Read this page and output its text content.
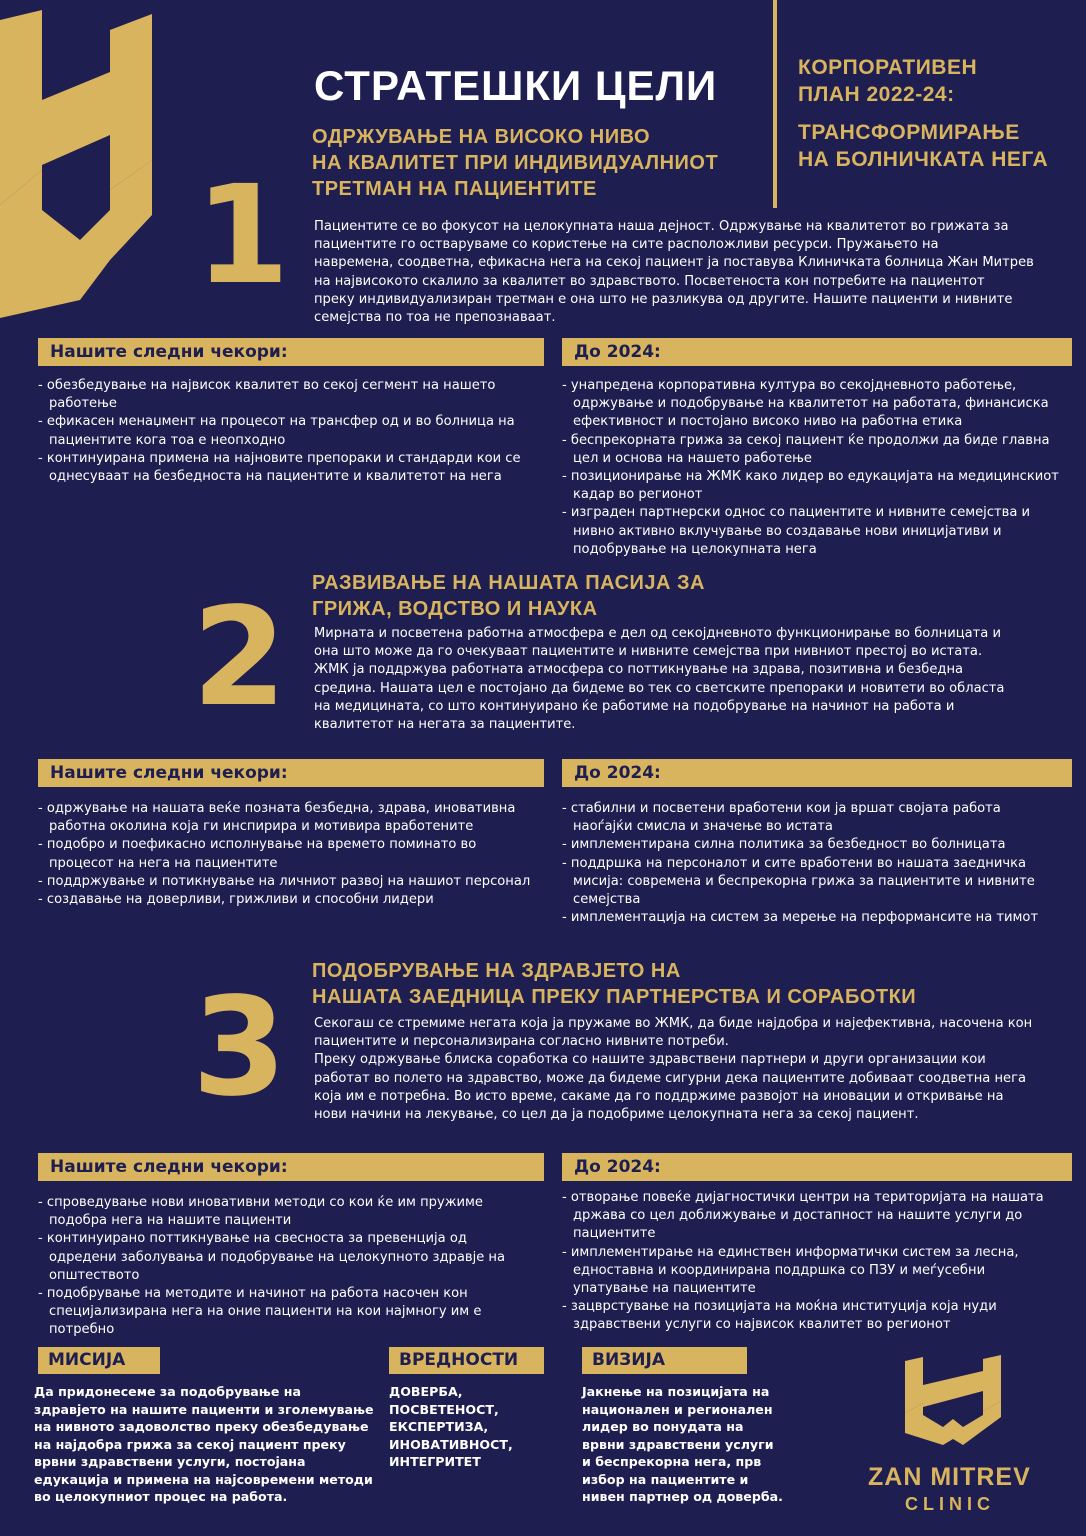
СТРАТЕШКИ ЦЕЛИ	КОРПОРАТИВЕН
ПЛАН 2022-24:
ТРАНСФОРМИРАЊЕ
НА БОЛНИЧКАТА НЕГА
ОДРЖУВАЊЕ НА ВИСОКО НИВО
НА КВАЛИТЕТ ПРИ ИНДИВИДУАЛНИОТ
ТРЕТМАН НА ПАЦИЕНТИТЕ
1 Пациентите се во фокусот на целокупната наша дејност. Одржување на квалитетот во грижата за
пациентите го остваруваме со користење на сите расположливи ресурси. Пружањето на
навремена, соодветна, ефикасна нега на секој пациент ја поставува Клиничката болница Жан Митрев
на највисокото скалило за квалитет во здравството. Посветеноста кон потребите на пациентот
преку индивидуализиран третман е она што не разликува од другите. Нашите пациенти и нивните
семејства по тоа не препознаваат.
Нашите следни чекори:	До 2024:
- обезбедување на највисок квалитет во секој сегмент на нашето
работење
- ефикасен менаџмент на процесот на трансфер од и во болница на
пациентите кога тоа е неопходно
- континуирана примена на најновите препораки и стандарди кои се
однесуваат на безбедноста на пациентите и квалитетот на нега
- унапредена корпоративна култура во секојдневното работење,
одржување и подобрување на квалитетот на работата, финансиска
ефективност и постојано високо ниво на работна етика
- беспрекорната грижа за секој пациент ќе продолжи да биде главна
цел и основа на нашето работење
- позиционирање на ЖМК како лидер во едукацијата на медицинскиот
кадар во регионот
- изграден партнерски однос со пациентите и нивните семејства и
нивно активно вклучување во создавање нови иницијативи и
подобрување на целокупната нега
РАЗВИВАЊЕ НА НАШАТА ПАСИЈА ЗА
ГРИЖА, ВОДСТВО И НАУКА
2 Мирната и посветена работна атмосфера е дел од секојдневното функционирање во болницата и
она што може да го очекуваат пациентите и нивните семејства при нивниот престој во истата.
ЖМК ја поддржува работната атмосфера со поттикнување на здрава, позитивна и безбедна
средина. Нашата цел е постојано да бидеме во тек со светските препораки и новитети во областа
на медицината, со што континуирано ќе работиме на подобрување на начинот на работа и
квалитетот на негата за пациентите.
Нашите следни чекори:	До 2024:
- одржување на нашата веќе позната безбедна, здрава, иновативна
работна околина која ги инспирира и мотивира вработените
- подобро и поефикасно исполнување на времето поминато во
процесот на нега на пациентите
- поддржување и потикнување на личниот развој на нашиот персонал
- создавање на доверливи, грижливи и способни лидери
- стабилни и посветени вработени кои ја вршат својата работа
наоѓајќи смисла и значење во истата
- имплементирана силна политика за безбедност во болницата
- поддршка на персоналот и сите вработени во нашата заедничка
мисија: современа и беспрекорна грижа за пациентите и нивните
семејства
- имплементација на систем за мерење на перформансите на тимот
ПОДОБРУВАЊЕ НА ЗДРАВЈЕТО НА
НАШАТА ЗАЕДНИЦА ПРЕКУ ПАРТНЕРСТВА И СОРАБОТКИ
3 Секогаш се стремиме негата која ја пружаме во ЖМК, да биде најдобра и најефективна, насочена кон
пациентите и персонализирана согласно нивните потреби.
Преку одржување блиска соработка со нашите здравствени партнери и други организации кои
работат во полето на здравство, може да бидеме сигурни дека пациентите добиваат соодветна нега
која им е потребна. Во исто време, сакаме да го поддржиме развојот на иновации и откривање на
нови начини на лекување, со цел да ја подобриме целокупната нега за секој пациент.
Нашите следни чекори:	До 2024:
- спроведување нови иновативни методи со кои ќе им пружиме
подобра нега на нашите пациенти
- континуирано поттикнување на свесноста за превенција од
одредени заболувања и подобрување на целокупното здравје на
општеството
- подобрување на методите и начинот на работа насочен кон
специјализирана нега на оние пациенти на кои најмногу им е
потребно
- отворање повеќе дијагностички центри на територијата на нашата
држава со цел доближување и достапност на нашите услуги до
пациентите
- имплементирање на единствен информатички систем за лесна,
едноставна и координирана поддршка со ПЗУ и меѓусебни
упатување на пациентите
- зацврстување на позицијата на моќна институција која нуди
здравствени услуги со највисок квалитет во регионот
МИСИЈА
Да придонесеме за подобрување на
здравјето на нашите пациенти и зголемување
на нивното задоволство преку обезбедување
на најдобра грижа за секој пациент преку
врвни здравствени услуги, постојана
едукација и примена на најсовремени методи
во целокупниот процес на работа.
ВРЕДНОСТИ
ДОВЕРБА,
ПОСВЕТЕНОСТ,
ЕКСПЕРТИЗА,
ИНОВАТИВНОСТ,
ИНТЕГРИТЕТ
ВИЗИЈА
Јакнење на позицијата на
национален и регионален
лидер во понудата на
врвни здравствени услуги
и беспрекорна нега, прв
избор на пациентите и
нивен партнер од доверба.
ZAN MITREV
CLINIC
